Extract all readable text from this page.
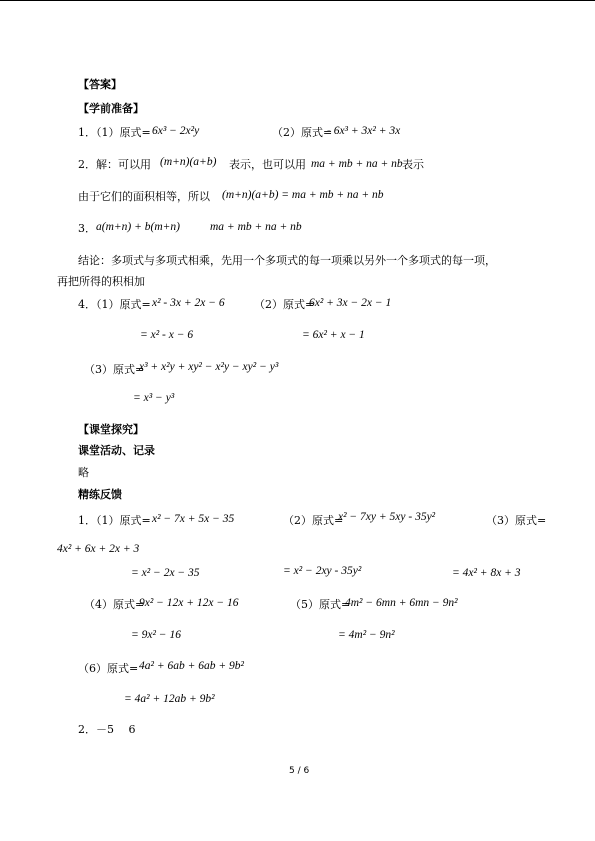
【答案】
【学前准备】
1．（1）原式= 6x³ − 2x²y	（2）原式=
- 6x³ + 3x² + 3x
2．解：可以用 (m+n)(a+b) 表示，也可以用 ma + mb + na + nb 表示
由于它们的面积相等，所以 (m+n)(a+b) = ma + mb + na + nb
3． a(m+n) + b(m+n)	ma + mb + na + nb
结论：多项式与多项式相乘，先用一个多项式的每一项乘以另外一个多项式的每一项，
再把所得的积相加
4．（1）原式= x² - 3x + 2x − 6	（2）原式=
6x² + 3x − 2x − 1
= x² - x − 6	= 6x² + x − 1
（3）原式=
x³ + x²y + xy² − x²y − xy² − y³
= x³ − y³
【课堂探究】
课堂活动、记录
略
精练反馈
1．（1）原式= x² − 7x + 5x − 35	（2）原式=
x² − 7xy + 5xy - 35y²	（3）原式=
4x² + 6x + 2x + 3
= x² − 2x − 35	= x² − 2xy - 35y²	= 4x² + 8x + 3
（4）原式=
9x² − 12x + 12x − 16	（5）原式=
4m² − 6mn + 6mn − 9n²
= 9x² − 16	= 4m² − 9n²
（6）原式= 4a² + 6ab + 6ab + 9b²
= 4a² + 12ab + 9b²
2． －5　 6
5 / 6
